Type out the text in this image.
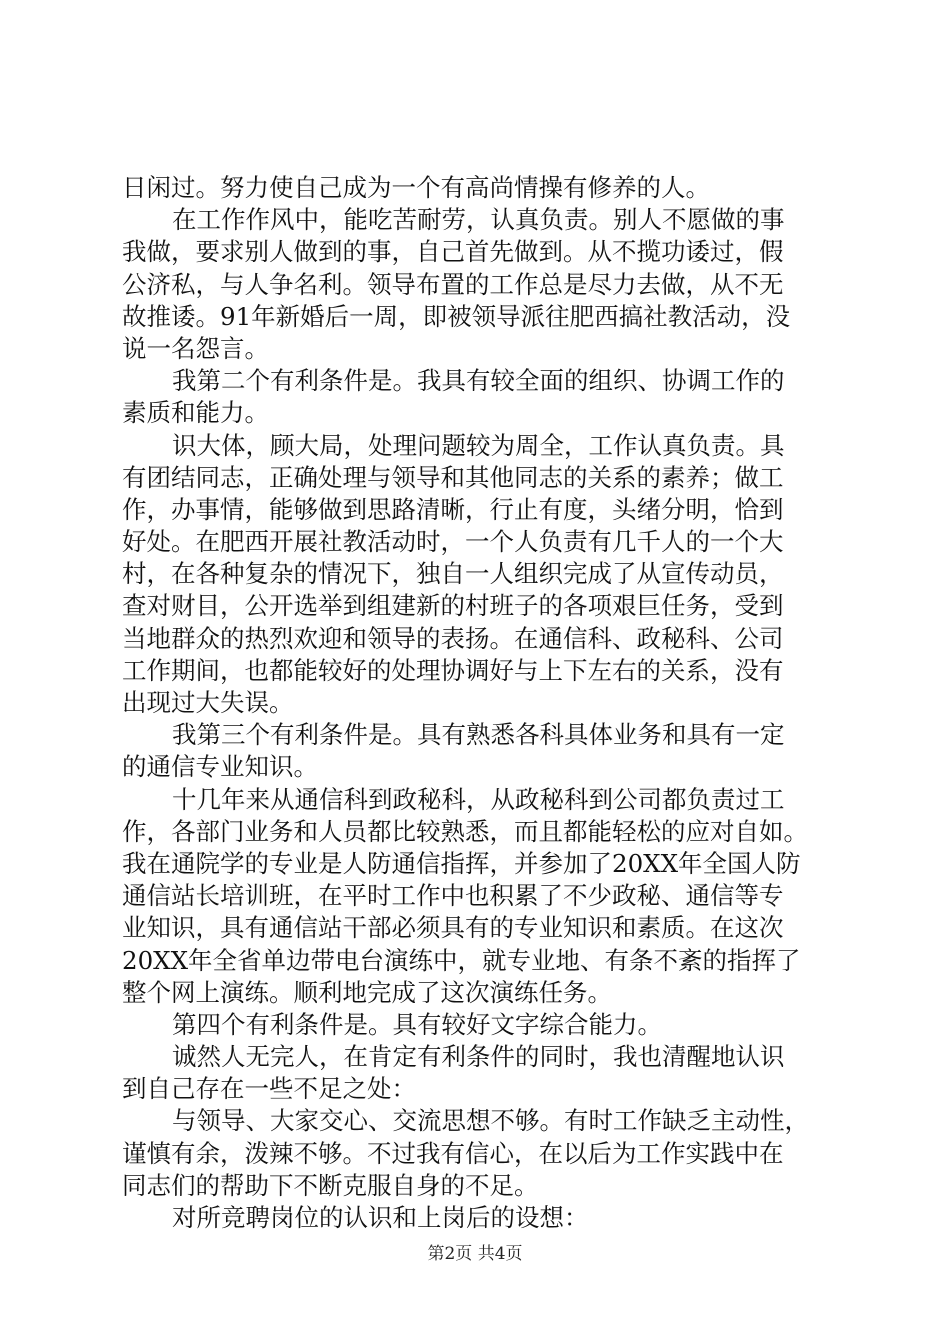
日闲过。努力使自己成为一个有高尚情操有修养的人。
在工作作风中，能吃苦耐劳，认真负责。别人不愿做的事
我做，要求别人做到的事，自己首先做到。从不揽功诿过，假
公济私，与人争名利。领导布置的工作总是尽力去做，从不无
故推诿。91年新婚后一周，即被领导派往肥西搞社教活动，没
说一名怨言。
我第二个有利条件是。我具有较全面的组织、协调工作的
素质和能力。
识大体，顾大局，处理问题较为周全，工作认真负责。具
有团结同志，正确处理与领导和其他同志的关系的素养；做工
作，办事情，能够做到思路清晰，行止有度，头绪分明，恰到
好处。在肥西开展社教活动时，一个人负责有几千人的一个大
村，在各种复杂的情况下，独自一人组织完成了从宣传动员，
查对财目，公开选举到组建新的村班子的各项艰巨任务，受到
当地群众的热烈欢迎和领导的表扬。在通信科、政秘科、公司
工作期间，也都能较好的处理协调好与上下左右的关系，没有
出现过大失误。
我第三个有利条件是。具有熟悉各科具体业务和具有一定
的通信专业知识。
十几年来从通信科到政秘科，从政秘科到公司都负责过工
作，各部门业务和人员都比较熟悉，而且都能轻松的应对自如。
我在通院学的专业是人防通信指挥，并参加了20XX年全国人防
通信站长培训班，在平时工作中也积累了不少政秘、通信等专
业知识，具有通信站干部必须具有的专业知识和素质。在这次
20XX年全省单边带电台演练中，就专业地、有条不紊的指挥了
整个网上演练。顺利地完成了这次演练任务。
第四个有利条件是。具有较好文字综合能力。
诚然人无完人，在肯定有利条件的同时，我也清醒地认识
到自己存在一些不足之处：
与领导、大家交心、交流思想不够。有时工作缺乏主动性，
谨慎有余，泼辣不够。不过我有信心，在以后为工作实践中在
同志们的帮助下不断克服自身的不足。
对所竞聘岗位的认识和上岗后的设想：
第2页 共4页
